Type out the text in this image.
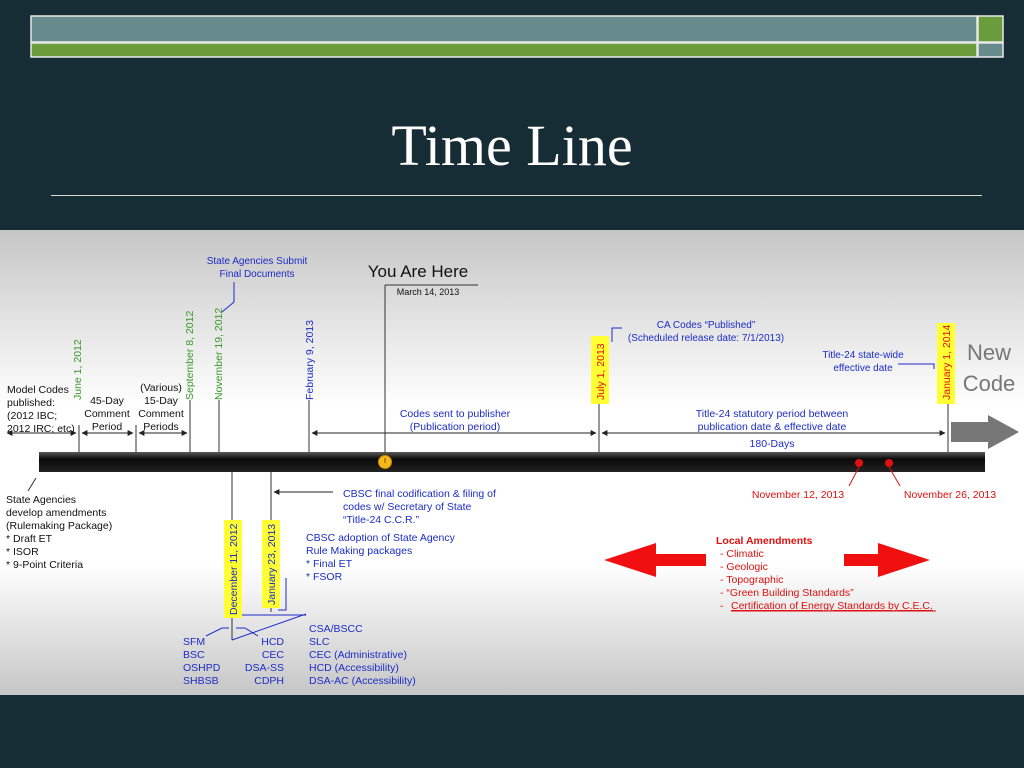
Time Line
June 1, 2012	September 8, 2012 November 19, 2012	February 9, 2013	July 1, 2013	January 1, 2014
December 11, 2012 January 23, 2013
You Are Here
March 14, 2013
State Agencies Submit
Final Documents
New
Code
Model Codes
published:
(2012 IBC;
2012 IRC; etc)
45-Day
Comment
Period
(Various)
15-Day
Comment
Periods
CA Codes “Published”
(Scheduled release date: 7/1/2013)
Title-24 state-wide
effective date
Codes sent to publisher
(Publication period)
Title-24 statutory period between
publication date & effective date
180-Days
State Agencies
develop amendments
(Rulemaking Package)
* Draft ET
* ISOR
* 9-Point Criteria
CBSC final codification & filing of
codes w/ Secretary of State
“Title-24 C.C.R.”
CBSC adoption of State Agency
Rule Making packages
* Final ET
* FSOR
November 12, 2013	November 26, 2013
Local Amendments
- Climatic
- Geologic
- Topographic
- “Green Building Standards”
- Certification of Energy Standards by C.E.C.
SFM
BSC
OSHPD
SHBSB
HCD
CEC
DSA-SS
CDPH
CSA/BSCC
SLC
CEC (Administrative)
HCD (Accessibility)
DSA-AC (Accessibility)
